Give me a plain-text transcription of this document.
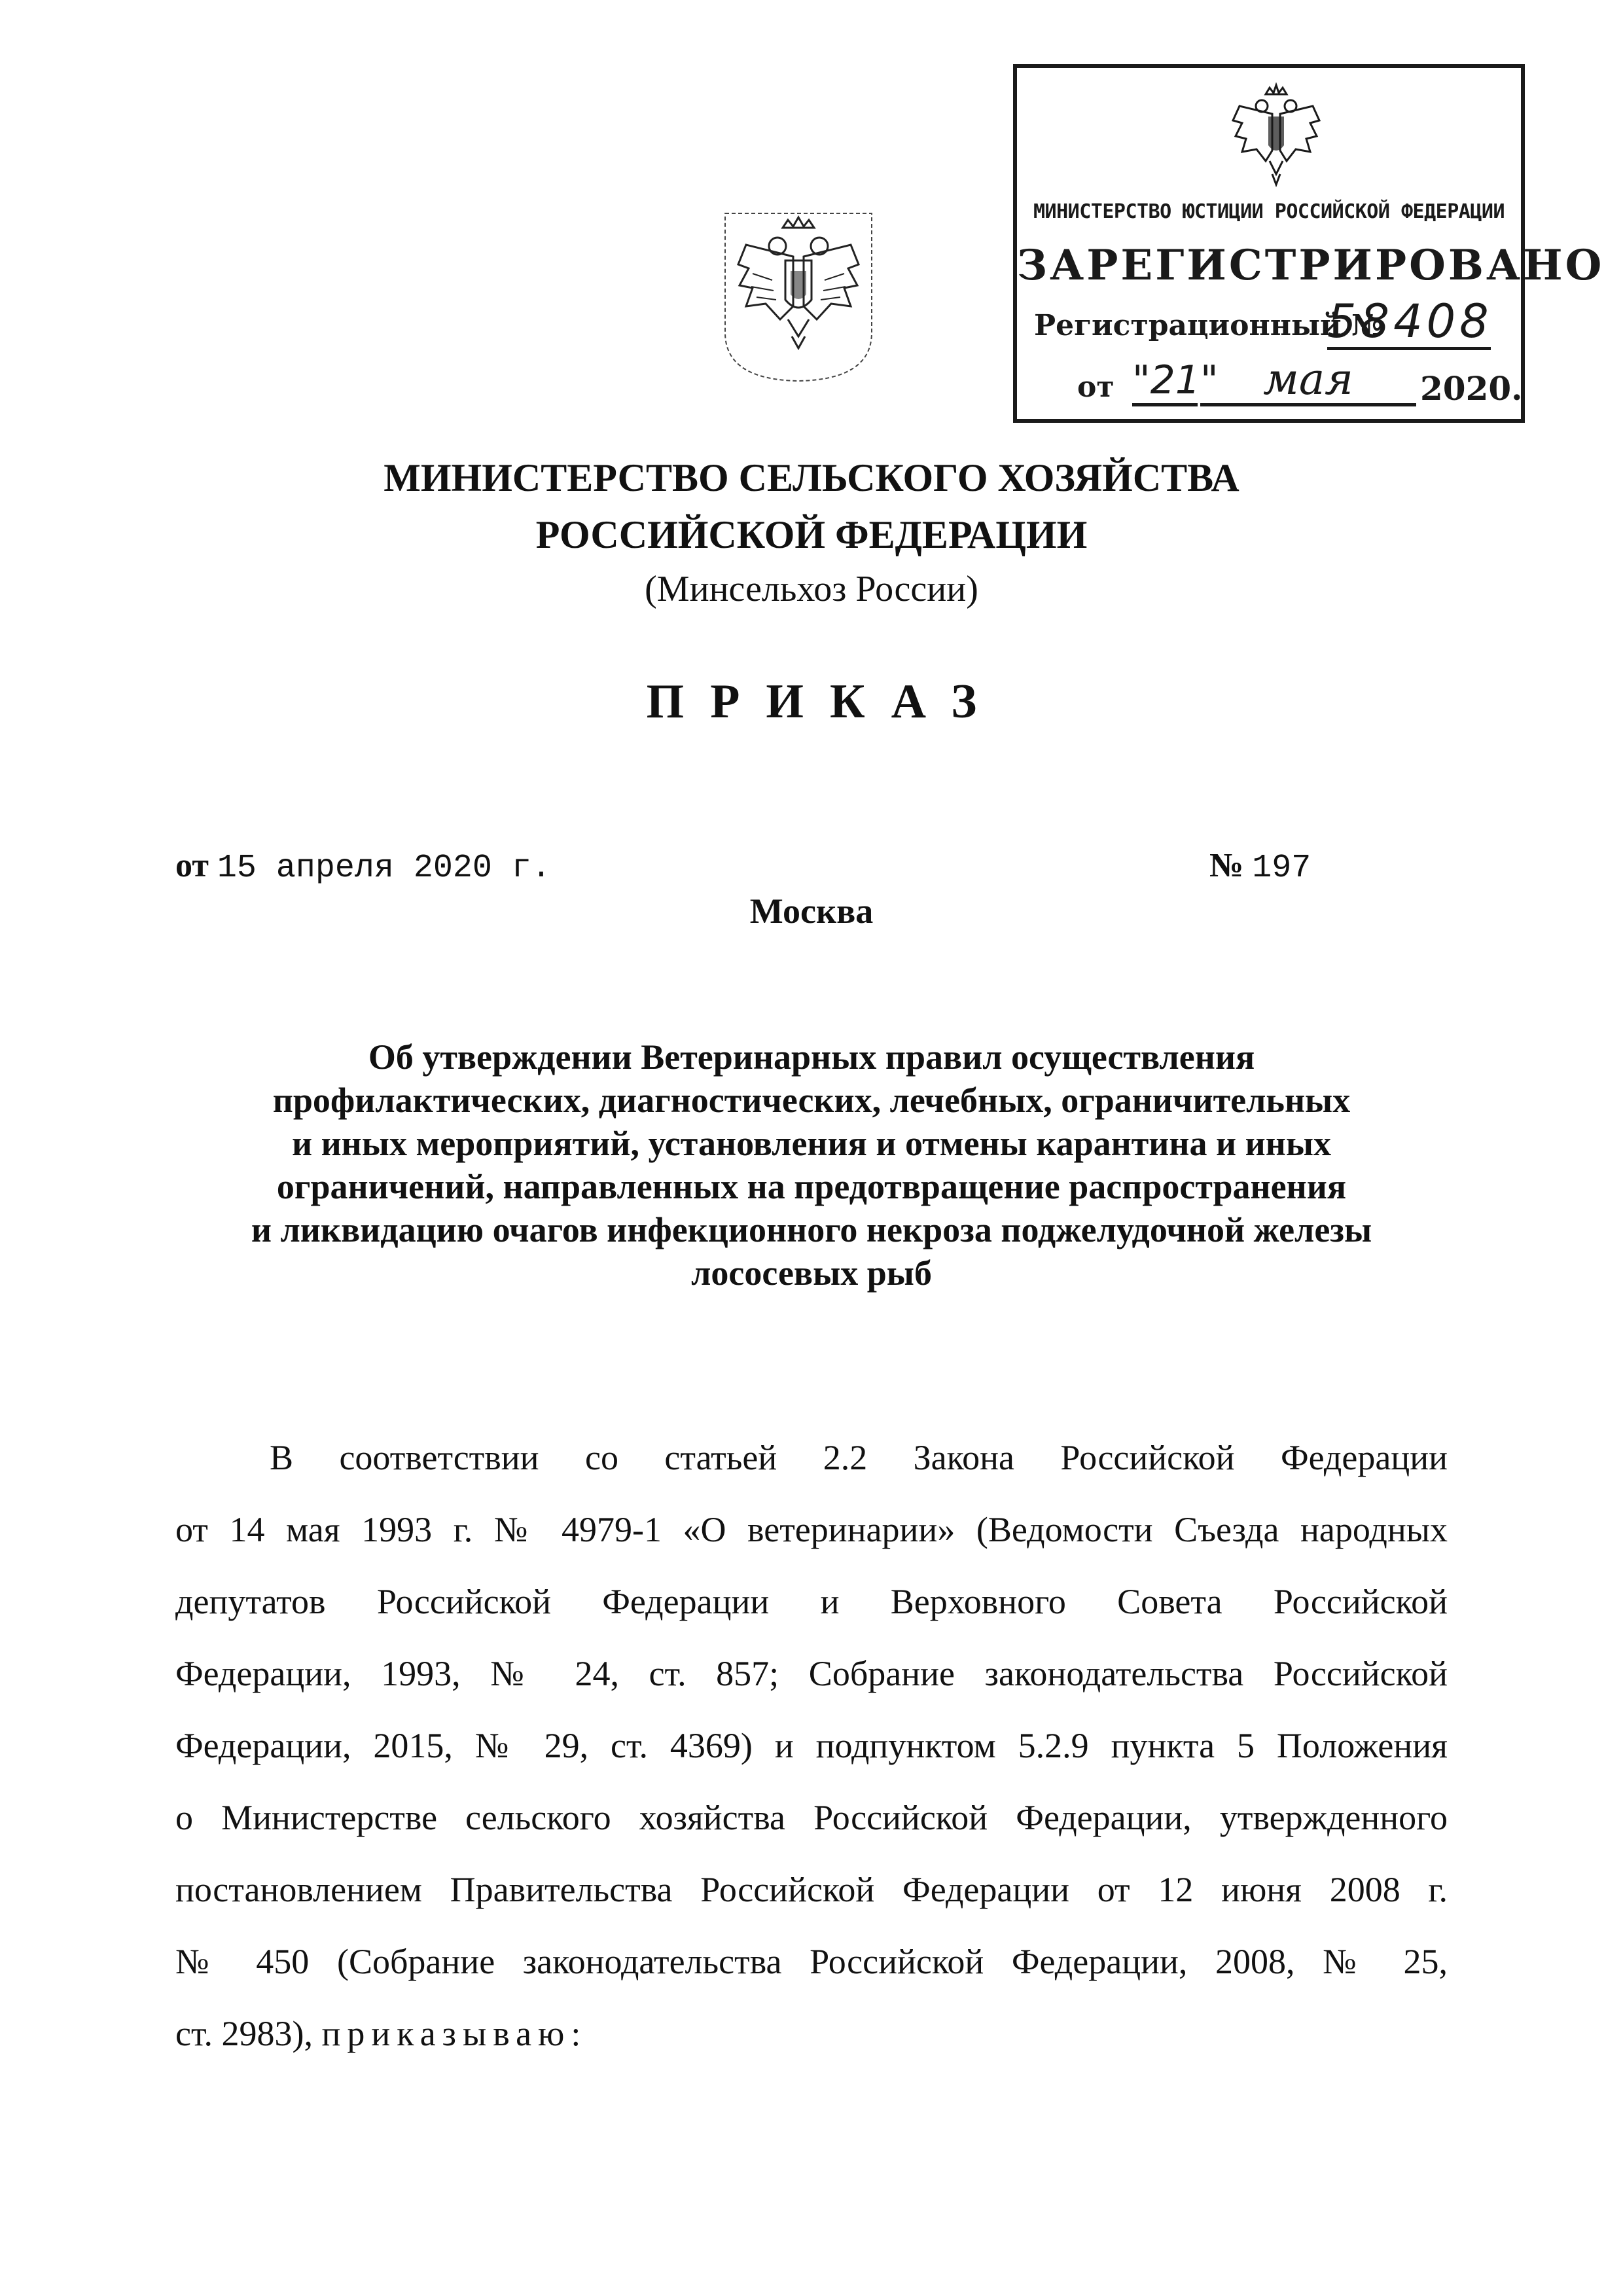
МИНИСТЕРСТВО ЮСТИЦИИ РОССИЙСКОЙ ФЕДЕРАЦИИ
ЗАРЕГИСТРИРОВАНО
Регистрационный №
58408
от "21"	мая	2020.
МИНИСТЕРСТВО СЕЛЬСКОГО ХОЗЯЙСТВА
РОССИЙСКОЙ ФЕДЕРАЦИИ
(Минсельхоз России)
ПРИКАЗ
от 15 апреля 2020 г.	№ 197
Москва
Об утверждении Ветеринарных правил осуществления
профилактических, диагностических, лечебных, ограничительных
и иных мероприятий, установления и отмены карантина и иных
ограничений, направленных на предотвращение распространения
и ликвидацию очагов инфекционного некроза поджелудочной железы
лососевых рыб
В соответствии со статьей 2.2 Закона Российской Федерации
от 14 мая 1993 г. № 4979-1 «О ветеринарии» (Ведомости Съезда народных
депутатов Российской Федерации и Верховного Совета Российской
Федерации, 1993, № 24, ст. 857; Собрание законодательства Российской
Федерации, 2015, № 29, ст. 4369) и подпунктом 5.2.9 пункта 5 Положения
о Министерстве сельского хозяйства Российской Федерации, утвержденного
постановлением Правительства Российской Федерации от 12 июня 2008 г.
№ 450 (Собрание законодательства Российской Федерации, 2008, № 25,
ст. 2983), приказываю:
